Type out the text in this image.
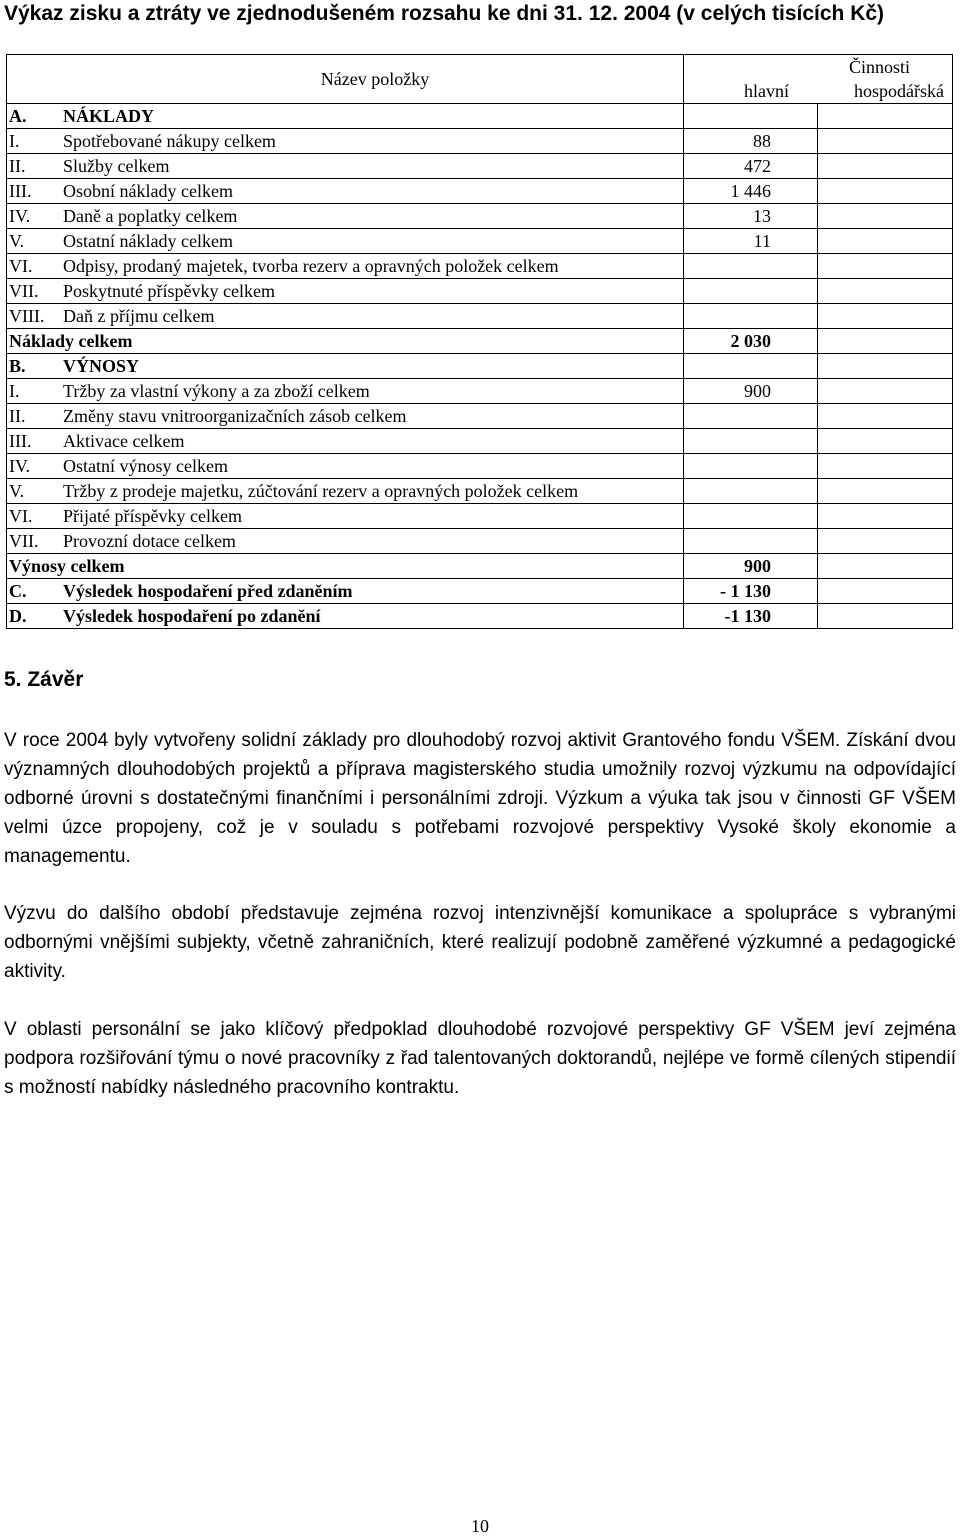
Výkaz zisku a ztráty ve zjednodušeném rozsahu ke dni 31. 12. 2004 (v celých tisících Kč)
Název položky	Činnosti	

	hlavní hospodářská	

A. NÁKLADY		

I. Spotřebované nákupy celkem	88	

II. Služby celkem	472	

III. Osobní náklady celkem	1 446	

IV. Daně a poplatky celkem	13	

V. Ostatní náklady celkem	11	

VI. Odpisy, prodaný majetek, tvorba rezerv a opravných položek celkem		

VII. Poskytnuté příspěvky celkem		

VIII. Daň z příjmu celkem		

Náklady celkem	2 030	

B. VÝNOSY		

I. Tržby za vlastní výkony a za zboží celkem	900	

II. Změny stavu vnitroorganizačních zásob celkem		

III. Aktivace celkem		

IV. Ostatní výnosy celkem		

V. Tržby z prodeje majetku, zúčtování rezerv a opravných položek celkem		

VI. Přijaté příspěvky celkem		

VII. Provozní dotace celkem		

Výnosy celkem	900	

C. Výsledek hospodaření před zdaněním	- 1 130	

D. Výsledek hospodaření po zdanění	-1 130	
5. Závěr

V roce 2004 byly vytvořeny solidní základy pro dlouhodobý rozvoj aktivit Grantového fondu VŠEM. Získání dvou významných dlouhodobých projektů a příprava magisterského studia umožnily rozvoj výzkumu na odpovídající odborné úrovni s dostatečnými finančními i personálními zdroji. Výzkum a výuka tak jsou v činnosti GF VŠEM velmi úzce propojeny, což je v souladu s potřebami rozvojové perspektivy Vysoké školy ekonomie a managementu.

Výzvu do dalšího období představuje zejména rozvoj intenzivnější komunikace a spolupráce s vybranými odbornými vnějšími subjekty, včetně zahraničních, které realizují podobně zaměřené výzkumné a pedagogické aktivity.

V oblasti personální se jako klíčový předpoklad dlouhodobé rozvojové perspektivy GF VŠEM jeví zejména podpora rozšiřování týmu o nové pracovníky z řad talentovaných doktorandů, nejlépe ve formě cílených stipendií s možností nabídky následného pracovního kontraktu.

10
